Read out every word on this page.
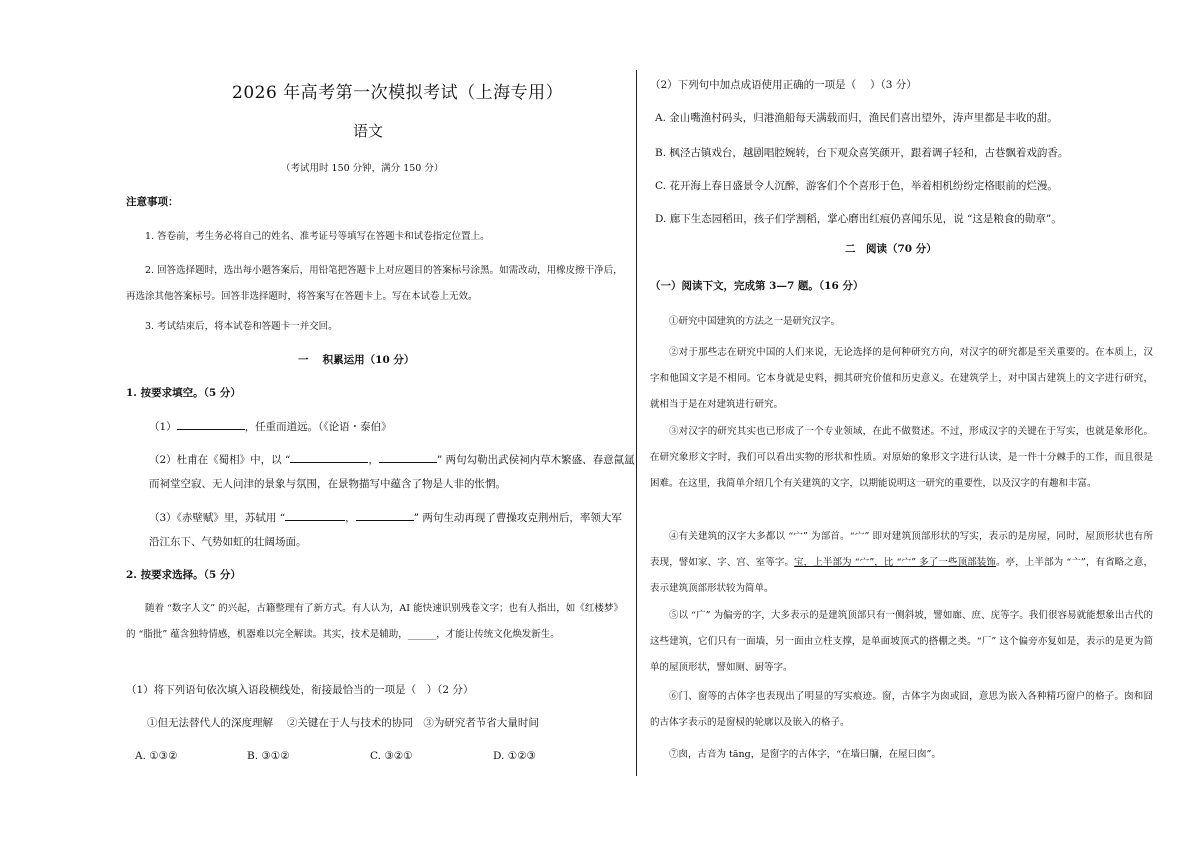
2026 年高考第一次模拟考试（上海专用）
语文
（考试用时 150 分钟，满分 150 分）
注意事项：
1. 答卷前，考生务必将自己的姓名、准考证号等填写在答题卡和试卷指定位置上。
2. 回答选择题时，选出每小题答案后，用铅笔把答题卡上对应题目的答案标号涂黑。如需改动，用橡皮擦干净后，再选涂其他答案标号。回答非选择题时，将答案写在答题卡上。写在本试卷上无效。
3. 考试结束后，将本试卷和答题卡一并交回。
一　 积累运用（10 分）
1. 按要求填空。（5 分）
（1）	，任重而道远。（《论语・泰伯》
（2）杜甫在《蜀相》中，以 “	，	” 两句勾勒出武侯祠内草木繁盛、春意氤氲
而祠堂空寂、无人问津的景象与氛围，在景物描写中蕴含了物是人非的怅惘。
（3）《赤壁赋》里，苏轼用 “	，	” 两句生动再现了曹操攻克荆州后，率领大军
沿江东下、气势如虹的壮阔场面。
2. 按要求选择。（5 分）
随着 “数字人文” 的兴起，古籍整理有了新方式。有人认为，AI 能快速识别残卷文字；也有人指出，如《红楼梦》的 “脂批” 蕴含独特情感，机器难以完全解读。其实，技术是辅助，______，才能让传统文化焕发新生。
（1）将下列语句依次填入语段横线处，衔接最恰当的一项是（　）（2 分）
①但无法替代人的深度理解　 ②关键在于人与技术的协同　③为研究者节省大量时间
A. ①③②	B. ③①②	C. ③②①	D. ①②③
（2）下列句中加点成语使用正确的一项是（　 ）（3 分）
A. 金山嘴渔村码头，归港渔船每天满载而归，渔民们喜出望外，涛声里都是丰收的甜。
B. 枫泾古镇戏台，越剧唱腔婉转，台下观众喜笑颜开，跟着调子轻和，古巷飘着戏韵香。
C. 花开海上春日盛景令人沉醉，游客们个个喜形于色，举着相机纷纷定格眼前的烂漫。
D. 廊下生态园稻田，孩子们学割稻，掌心磨出红痕仍喜闻乐见，说 “这是粮食的勋章”。
二　阅读（70 分）
（一）阅读下文，完成第 3—7 题。（16 分）
①研究中国建筑的方法之一是研究汉字。
②对于那些志在研究中国的人们来说，无论选择的是何种研究方向，对汉字的研究都是至关重要的。在本质上，汉字和他国文字是不相同。它本身就是史料，拥其研究价值和历史意义。在建筑学上，对中国古建筑上的文字进行研究，就相当于是在对建筑进行研究。
③对汉字的研究其实也已形成了一个专业领域，在此不做赘述。不过，形成汉字的关键在于写实，也就是象形化。在研究象形文字时，我们可以看出实物的形状和性质。对原始的象形文字进行认读，是一件十分棘手的工作，而且很是困难。在这里，我简单介绍几个有关建筑的文字，以期能说明这一研究的重要性，以及汉字的有趣和丰富。
④有关建筑的汉字大多都以 “宀” 为部首。“宀” 即对建筑顶部形状的写实，表示的是房屋，同时，屋顶形状也有所表现，譬如家、字、宫、室等字。宝，上半部为 “宀”，比 “宀” 多了一些顶部装饰。亭，上半部为 “亠”，有省略之意，表示建筑顶部形状较为简单。
⑤以 “广” 为偏旁的字，大多表示的是建筑顶部只有一侧斜坡，譬如廊、庶、庑等字。我们很容易就能想象出古代的这些建筑，它们只有一面墙，另一面由立柱支撑，是单面坡顶式的搭棚之类。“厂” 这个偏旁亦复如是，表示的是更为简单的屋顶形状，譬如厕、厨等字。
⑥门、窗等的古体字也表现出了明显的写实痕迹。窗，古体字为囱或囧，意思为嵌入各种精巧窗户的格子。囱和囧的古体字表示的是窗棂的轮廓以及嵌入的格子。
⑦囱，古音为 tāng，是窗字的古体字，“在墙曰牖，在屋曰囱”。
